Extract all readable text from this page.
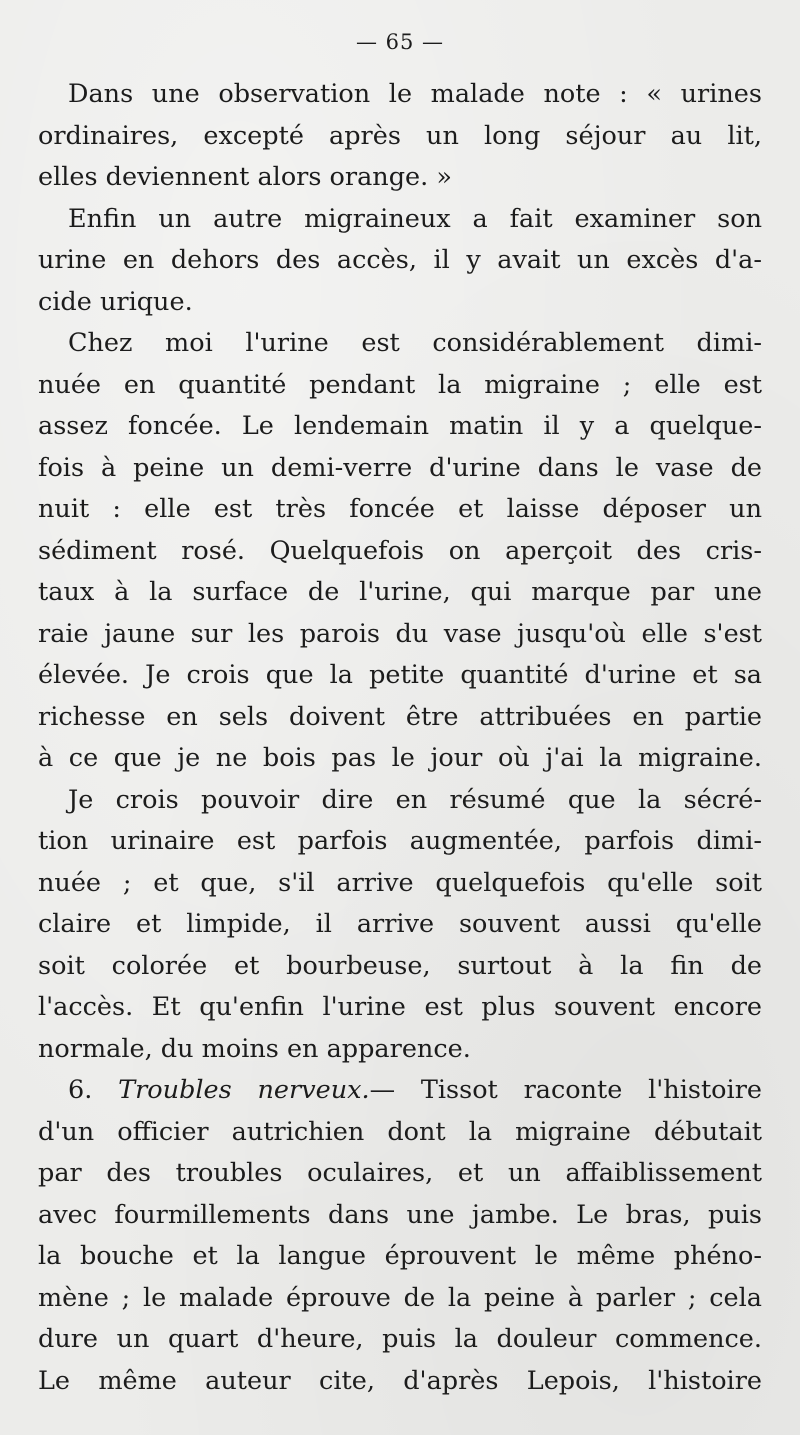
— 65 —
Dans une observation le malade note : « urines
ordinaires, excepté après un long séjour au lit,
elles deviennent alors orange. »
Enfin un autre migraineux a fait examiner son
urine en dehors des accès, il y avait un excès d'a-
cide urique.
Chez moi l'urine est considérablement dimi-
nuée en quantité pendant la migraine ; elle est
assez foncée. Le lendemain matin il y a quelque-
fois à peine un demi-verre d'urine dans le vase de
nuit : elle est très foncée et laisse déposer un
sédiment rosé. Quelquefois on aperçoit des cris-
taux à la surface de l'urine, qui marque par une
raie jaune sur les parois du vase jusqu'où elle s'est
élevée. Je crois que la petite quantité d'urine et sa
richesse en sels doivent être attribuées en partie
à ce que je ne bois pas le jour où j'ai la migraine.
Je crois pouvoir dire en résumé que la sécré-
tion urinaire est parfois augmentée, parfois dimi-
nuée ; et que, s'il arrive quelquefois qu'elle soit
claire et limpide, il arrive souvent aussi qu'elle
soit colorée et bourbeuse, surtout à la fin de
l'accès. Et qu'enfin l'urine est plus souvent encore
normale, du moins en apparence.
6. Troubles nerveux.— Tissot raconte l'histoire
d'un officier autrichien dont la migraine débutait
par des troubles oculaires, et un affaiblissement
avec fourmillements dans une jambe. Le bras, puis
la bouche et la langue éprouvent le même phéno-
mène ; le malade éprouve de la peine à parler ; cela
dure un quart d'heure, puis la douleur commence.
Le même auteur cite, d'après Lepois, l'histoire
